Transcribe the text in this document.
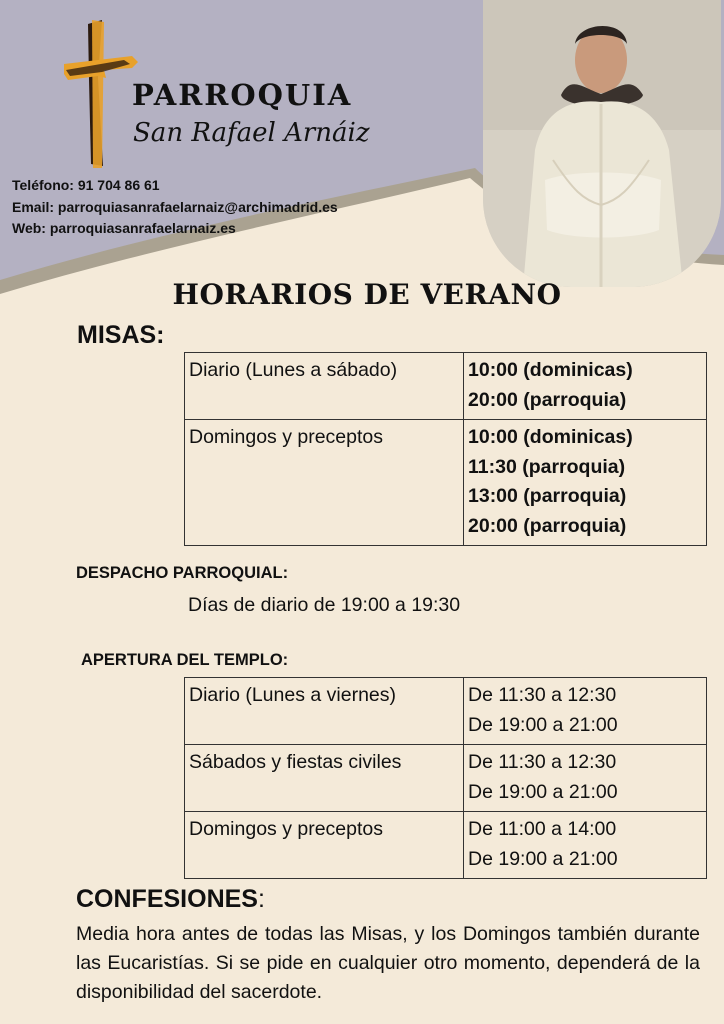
PARROQUIA
San Rafael Arnáiz
Teléfono: 91 704 86 61
Email: parroquiasanrafaelarnaiz@archimadrid.es
Web: parroquiasanrafaelarnaiz.es
HORARIOS DE VERANO
MISAS:
Diario (Lunes a sábado)	10:00 (dominicas)
20:00 (parroquia)

Domingos y preceptos	10:00 (dominicas)
11:30 (parroquia)
13:00 (parroquia)
20:00 (parroquia)
DESPACHO PARROQUIAL:
Días de diario de 19:00 a 19:30
APERTURA DEL TEMPLO:
Diario (Lunes a viernes)	De 11:30 a 12:30
De 19:00 a 21:00

Sábados y fiestas civiles	De 11:30 a 12:30
De 19:00 a 21:00

Domingos y preceptos	De 11:00 a 14:00
De 19:00 a 21:00
CONFESIONES:

Media hora antes de todas las Misas, y los Domingos también durante las Eucaristías. Si se pide en cualquier otro momento, dependerá de la disponibilidad del sacerdote.
